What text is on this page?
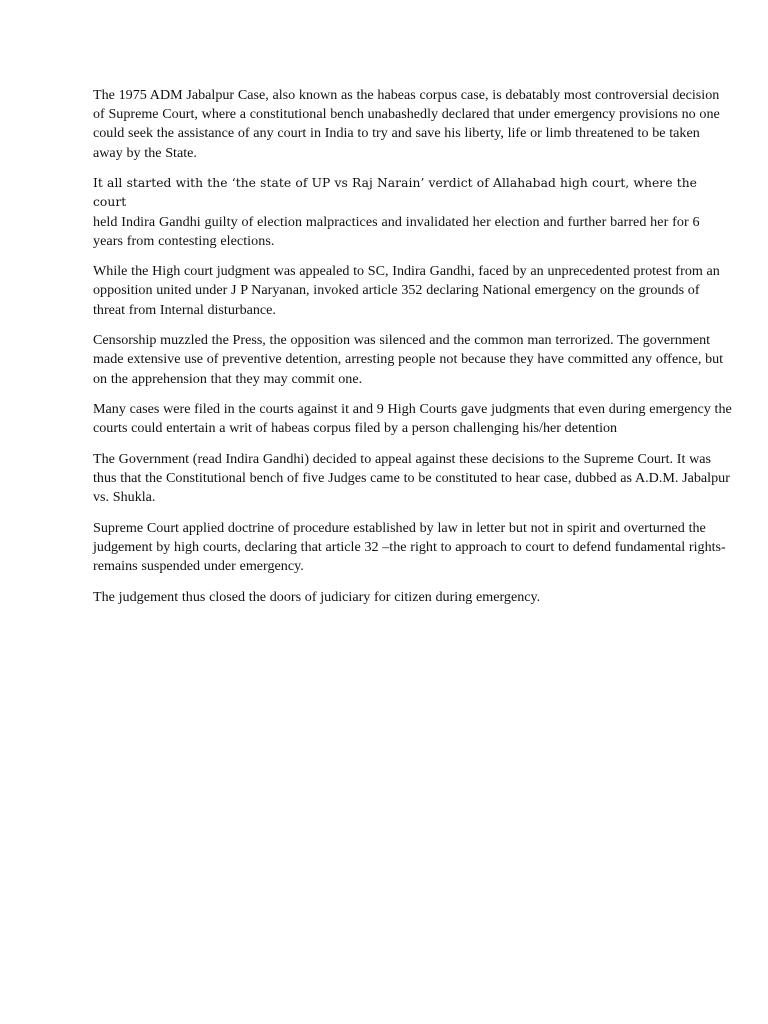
The 1975 ADM Jabalpur Case, also known as the habeas corpus case, is debatably most controversial decision of Supreme Court, where a constitutional bench unabashedly declared that under emergency provisions no one could seek the assistance of any court in India to try and save his liberty, life or limb threatened to be taken away by the State.

It all started with the ‘the state of UP vs Raj Narain’ verdict of Allahabad high court, where the court
held Indira Gandhi guilty of election malpractices and invalidated her election and further barred her for 6 years from contesting elections.

While the High court judgment was appealed to SC, Indira Gandhi, faced by an unprecedented protest from an opposition united under J P Naryanan, invoked article 352 declaring National emergency on the grounds of threat from Internal disturbance.

Censorship muzzled the Press, the opposition was silenced and the common man terrorized. The government made extensive use of preventive detention, arresting people not because they have committed any offence, but on the apprehension that they may commit one.

Many cases were filed in the courts against it and 9 High Courts gave judgments that even during emergency the courts could entertain a writ of habeas corpus filed by a person challenging his/her detention

The Government (read Indira Gandhi) decided to appeal against these decisions to the Supreme Court. It was thus that the Constitutional bench of five Judges came to be constituted to hear case, dubbed as A.D.M. Jabalpur vs. Shukla.

Supreme Court applied doctrine of procedure established by law in letter but not in spirit and overturned the judgement by high courts, declaring that article 32 –the right to approach to court to defend fundamental rights- remains suspended under emergency.

The judgement thus closed the doors of judiciary for citizen during emergency.
